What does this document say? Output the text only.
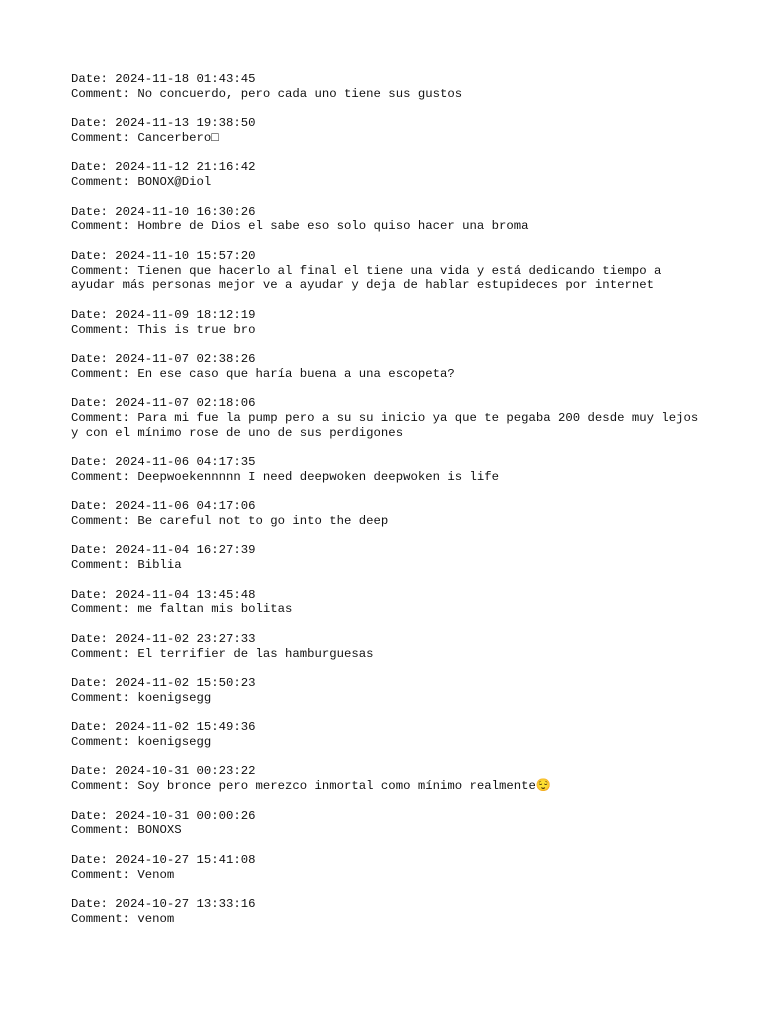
Date: 2024-11-18 01:43:45
Comment: No concuerdo, pero cada uno tiene sus gustos
Date: 2024-11-13 19:38:50
Comment: Cancerbero□
Date: 2024-11-12 21:16:42
Comment: BONOX@Diol
Date: 2024-11-10 16:30:26
Comment: Hombre de Dios el sabe eso solo quiso hacer una broma
Date: 2024-11-10 15:57:20
Comment: Tienen que hacerlo al final el tiene una vida y está dedicando tiempo a ayudar más personas mejor ve a ayudar y deja de hablar estupideces por internet
Date: 2024-11-09 18:12:19
Comment: This is true bro
Date: 2024-11-07 02:38:26
Comment: En ese caso que haría buena a una escopeta?
Date: 2024-11-07 02:18:06
Comment: Para mi fue la pump pero a su su inicio ya que te pegaba 200 desde muy lejos y con el mínimo rose de uno de sus perdigones
Date: 2024-11-06 04:17:35
Comment: Deepwoekennnnn I need deepwoken deepwoken is life
Date: 2024-11-06 04:17:06
Comment: Be careful not to go into the deep
Date: 2024-11-04 16:27:39
Comment: Biblia
Date: 2024-11-04 13:45:48
Comment: me faltan mis bolitas
Date: 2024-11-02 23:27:33
Comment: El terrifier de las hamburguesas
Date: 2024-11-02 15:50:23
Comment: koenigsegg
Date: 2024-11-02 15:49:36
Comment: koenigsegg
Date: 2024-10-31 00:23:22
Comment: Soy bronce pero merezco inmortal como mínimo realmente😌
Date: 2024-10-31 00:00:26
Comment: BONOXS
Date: 2024-10-27 15:41:08
Comment: Venom
Date: 2024-10-27 13:33:16
Comment: venom
